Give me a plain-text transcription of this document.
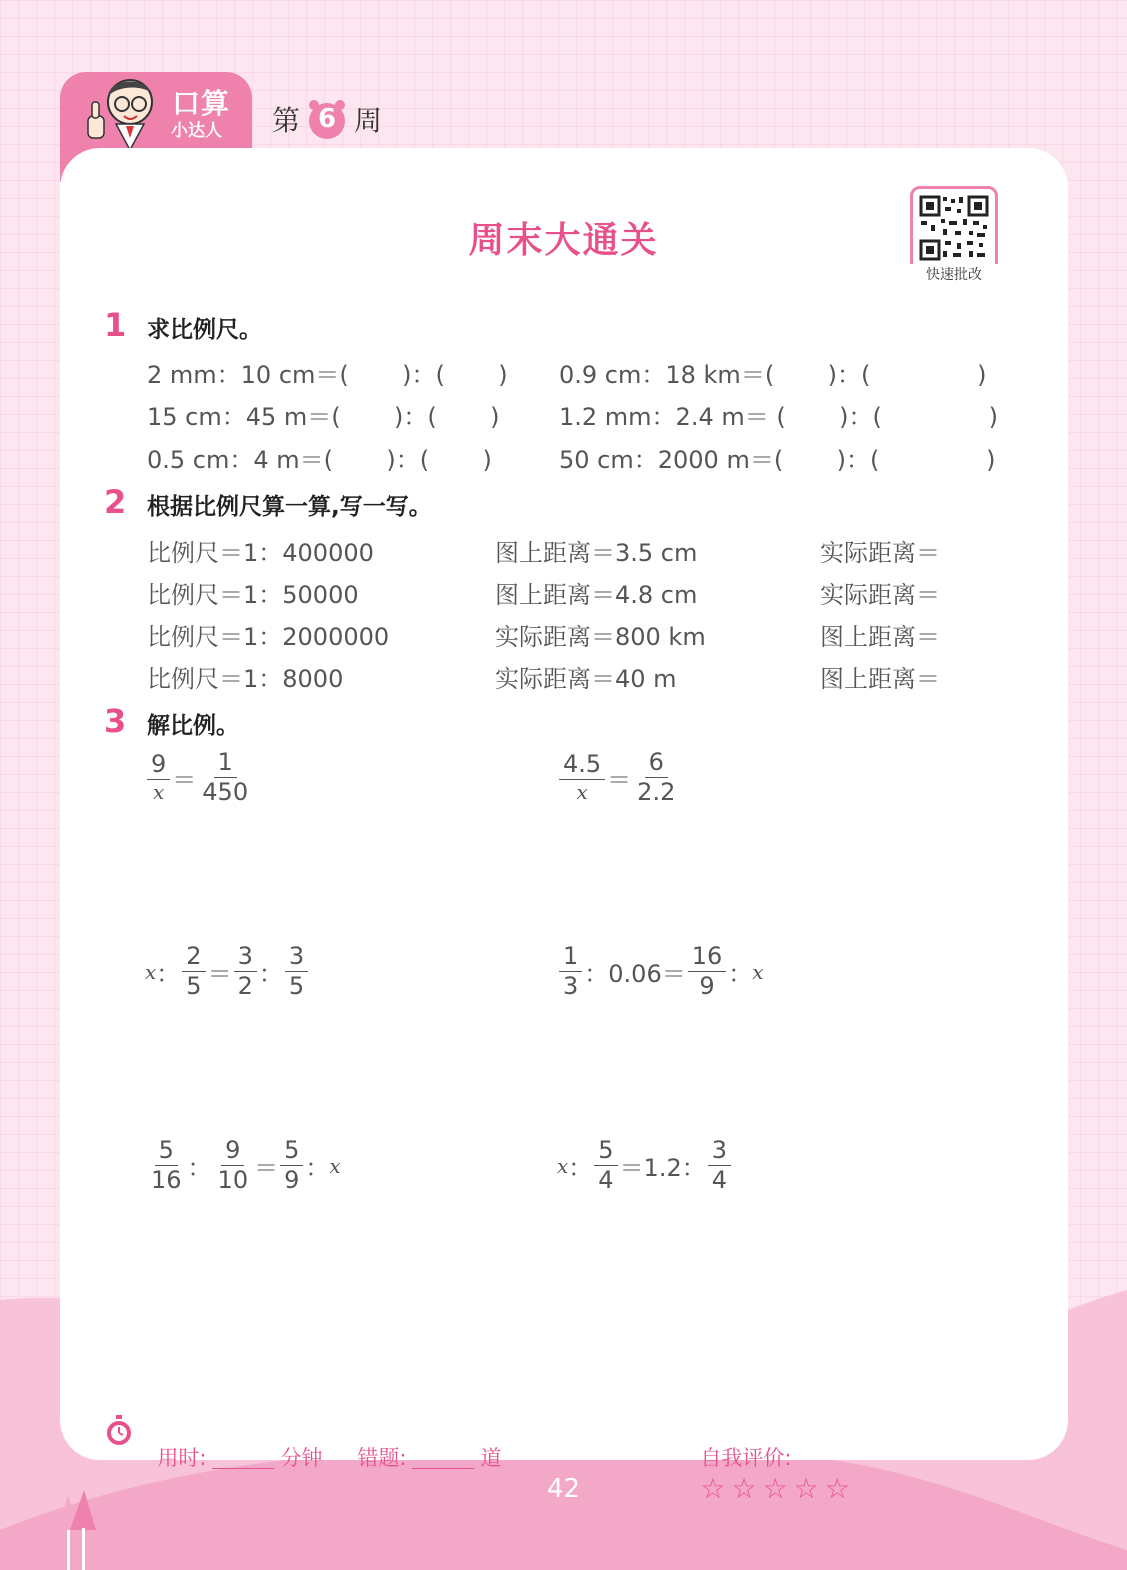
口算
小达人 第 6 周
周末大通关
快速批改
1 求比例尺。
2 mm：10 cm＝(       )：(       ) 0.9 cm：18 km＝(       )：(              )
15 cm：45 m＝(       )：(       ) 1.2 mm：2.4 m＝ (       )：(              )
0.5 cm：4 m＝(       )：(       )	50 cm：2000 m＝(       )：(              )
2 根据比例尺算一算,写一写。
比例尺＝1：400000	图上距离＝3.5 cm	实际距离＝
比例尺＝1：50000	图上距离＝4.8 cm	实际距离＝
比例尺＝1：2000000	实际距离＝800 km	图上距离＝
比例尺＝1：8000	实际距离＝40 m	图上距离＝
3 解比例。
$\frac{9}{x} = \frac{1}{450}$	$\frac{4.5}{x} = \frac{6}{2.2}$
x ： $\frac{2}{5} = \frac{3}{2}$ ： $\frac{3}{5}$	$\frac{1}{3}$ ：$0.06= \frac{16}{9}$ ： x
$\frac{5}{16}$ ： $\frac{9}{10} = \frac{5}{9}$ ： x	x ： $\frac{5}{4} =1.2$： $\frac{3}{4}$

用时:	分钟	错题:	道	自我评价:
☆☆☆☆☆

42
